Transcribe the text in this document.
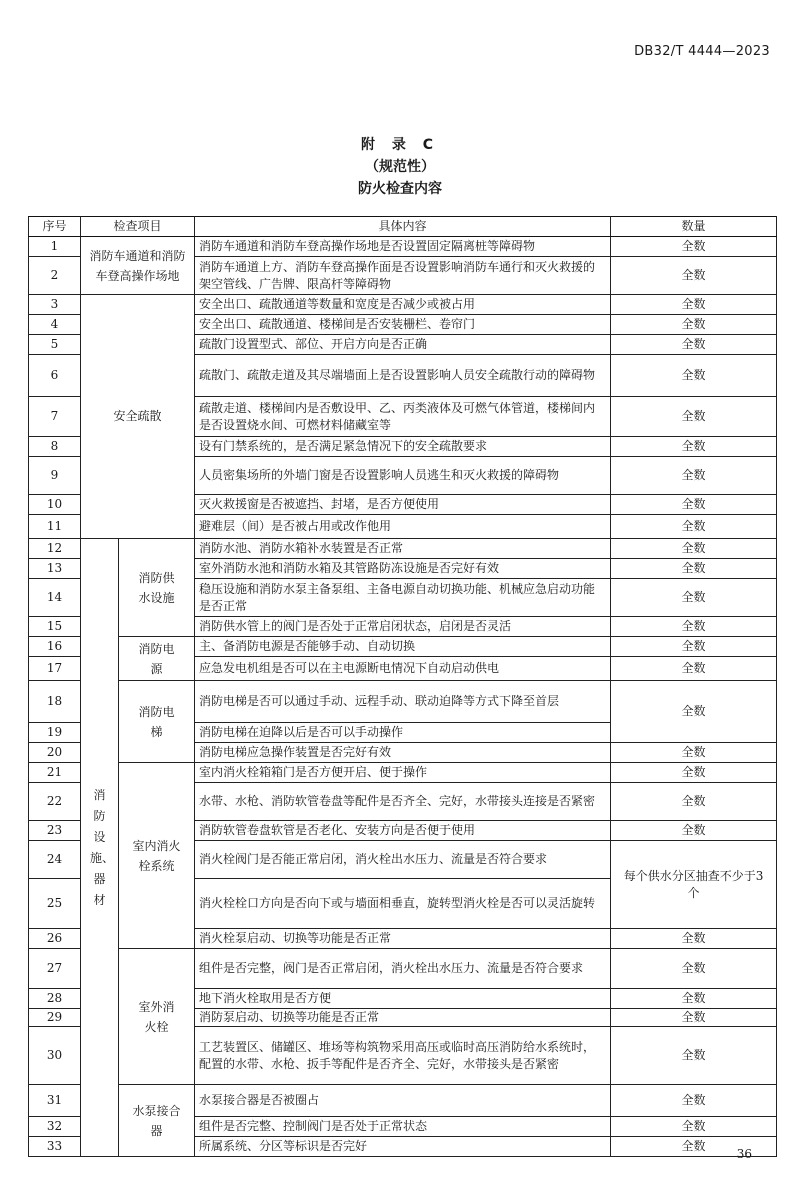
DB32/T 4444—2023
附 录 C
（规范性）
防火检查内容
序号	检查项目		具体内容	数量
1	消防车通道和消防车登高操作场地		消防车通道和消防车登高操作场地是否设置固定隔离桩等障碍物	全数
2			消防车通道上方、消防车登高操作面是否设置影响消防车通行和灭火救援的架空管线、广告牌、限高杆等障碍物	全数
3	安全疏散		安全出口、疏散通道等数量和宽度是否减少或被占用	全数
4			安全出口、疏散通道、楼梯间是否安装栅栏、卷帘门	全数
5			疏散门设置型式、部位、开启方向是否正确	全数
6			疏散门、疏散走道及其尽端墙面上是否设置影响人员安全疏散行动的障碍物	全数
7			疏散走道、楼梯间内是否敷设甲、乙、丙类液体及可燃气体管道，楼梯间内是否设置烧水间、可燃材料储藏室等	全数
8			设有门禁系统的，是否满足紧急情况下的安全疏散要求	全数
9			人员密集场所的外墙门窗是否设置影响人员逃生和灭火救援的障碍物	全数
10			灭火救援窗是否被遮挡、封堵，是否方便使用	全数
11			避难层（间）是否被占用或改作他用	全数
12	消防设施、器材	消防供水设施	消防水池、消防水箱补水装置是否正常	全数
13			室外消防水池和消防水箱及其管路防冻设施是否完好有效	全数
14			稳压设施和消防水泵主备泵组、主备电源自动切换功能、机械应急启动功能是否正常	全数
15			消防供水管上的阀门是否处于正常启闭状态，启闭是否灵活	全数
16		消防电源	主、备消防电源是否能够手动、自动切换	全数
17			应急发电机组是否可以在主电源断电情况下自动启动供电	全数
18		消防电梯	消防电梯是否可以通过手动、远程手动、联动迫降等方式下降至首层	全数
19			消防电梯在迫降以后是否可以手动操作	
20			消防电梯应急操作装置是否完好有效	全数
21		室内消火栓系统	室内消火栓箱箱门是否方便开启、便于操作	全数
22			水带、水枪、消防软管卷盘等配件是否齐全、完好，水带接头连接是否紧密	全数
23			消防软管卷盘软管是否老化、安装方向是否便于使用	全数
24			消火栓阀门是否能正常启闭，消火栓出水压力、流量是否符合要求	每个供水分区抽查不少于3个
25			消火栓栓口方向是否向下或与墙面相垂直，旋转型消火栓是否可以灵活旋转	
26			消火栓泵启动、切换等功能是否正常	全数
27		室外消火栓	组件是否完整，阀门是否正常启闭，消火栓出水压力、流量是否符合要求	全数
28			地下消火栓取用是否方便	全数
29			消防泵启动、切换等功能是否正常	全数
30			工艺装置区、储罐区、堆场等构筑物采用高压或临时高压消防给水系统时，配置的水带、水枪、扳手等配件是否齐全、完好，水带接头是否紧密	全数
31		水泵接合器	水泵接合器是否被圈占	全数
32			组件是否完整、控制阀门是否处于正常状态	全数
33			所属系统、分区等标识是否完好	全数
36
